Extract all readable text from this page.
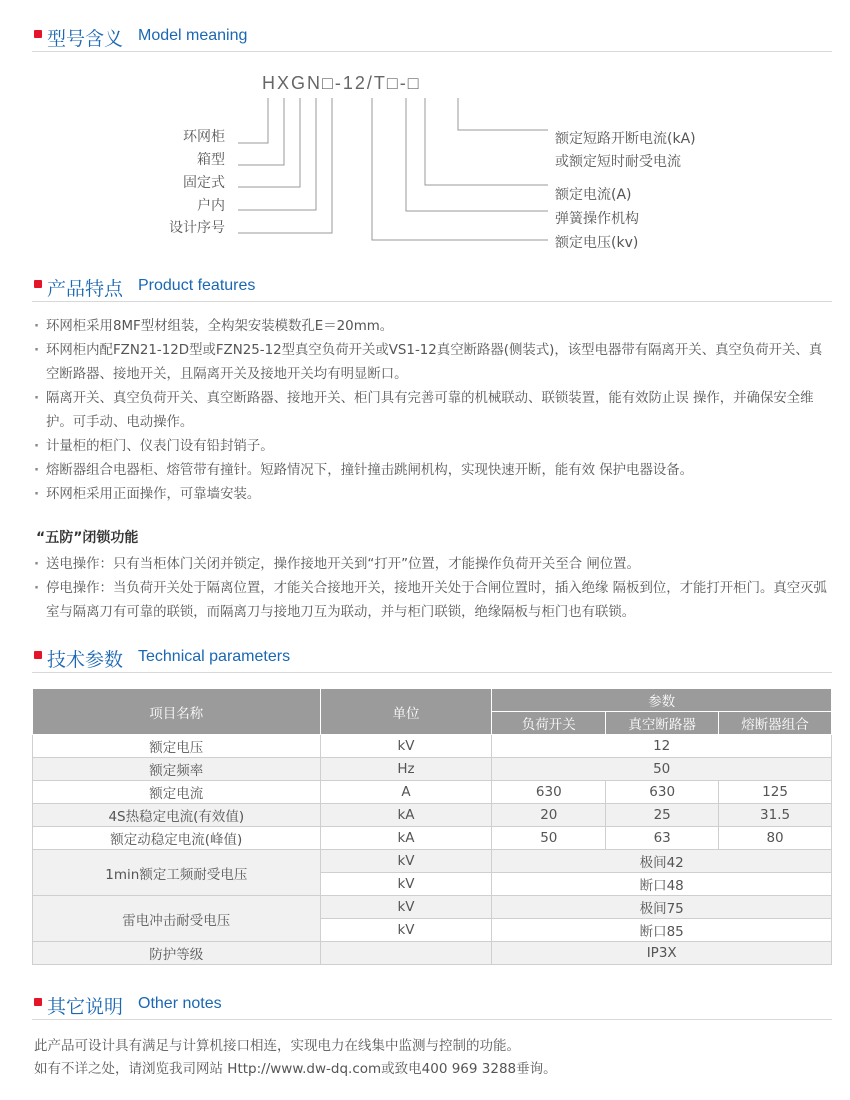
型号含义 Model meaning
HXGN□-12/T□-□
环网柜
箱型
固定式
户内
设计序号
额定短路开断电流(kA)
或额定短时耐受电流
额定电流(A)
弹簧操作机构
额定电压(kv)
产品特点 Product features
· 环网柜采用8MF型材组装，全构架安装模数孔E＝20mm。
· 环网柜内配FZN21-12D型或FZN25-12型真空负荷开关或VS1-12真空断路器(侧装式)，该型电器带有隔离开关、真空负荷开关、真空断路器、接地开关，且隔离开关及接地开关均有明显断口。
· 隔离开关、真空负荷开关、真空断路器、接地开关、柜门具有完善可靠的机械联动、联锁装置，能有效防止误 操作，并确保安全维护。可手动、电动操作。
· 计量柜的柜门、仪表门设有铅封销子。
· 熔断器组合电器柜、熔管带有撞针。短路情况下，撞针撞击跳闸机构，实现快速开断，能有效 保护电器设备。
· 环网柜采用正面操作，可靠墙安装。
“五防”闭锁功能
· 送电操作：只有当柜体门关闭并锁定，操作接地开关到“打开”位置，才能操作负荷开关至合 闸位置。
· 停电操作：当负荷开关处于隔离位置，才能关合接地开关，接地开关处于合闸位置时，插入绝缘 隔板到位，才能打开柜门。真空灭弧室与隔离刀有可靠的联锁，而隔离刀与接地刀互为联动，并与柜门联锁，绝缘隔板与柜门也有联锁。
技术参数 Technical parameters
项目名称	单位	参数		
		负荷开关	真空断路器	熔断器组合
额定电压	kV	12		
额定频率	Hz	50		
额定电流	A	630	630	125
4S热稳定电流(有效值)	kA	20	25	31.5
额定动稳定电流(峰值)	kA	50	63	80
1min额定工频耐受电压	kV	极间42		
	kV	断口48		
雷电冲击耐受电压	kV	极间75		
	kV	断口85		
防护等级		IP3X		
其它说明 Other notes
此产品可设计具有满足与计算机接口相连，实现电力在线集中监测与控制的功能。
如有不详之处，请浏览我司网站 Http://www.dw-dq.com或致电400 969 3288垂询。
